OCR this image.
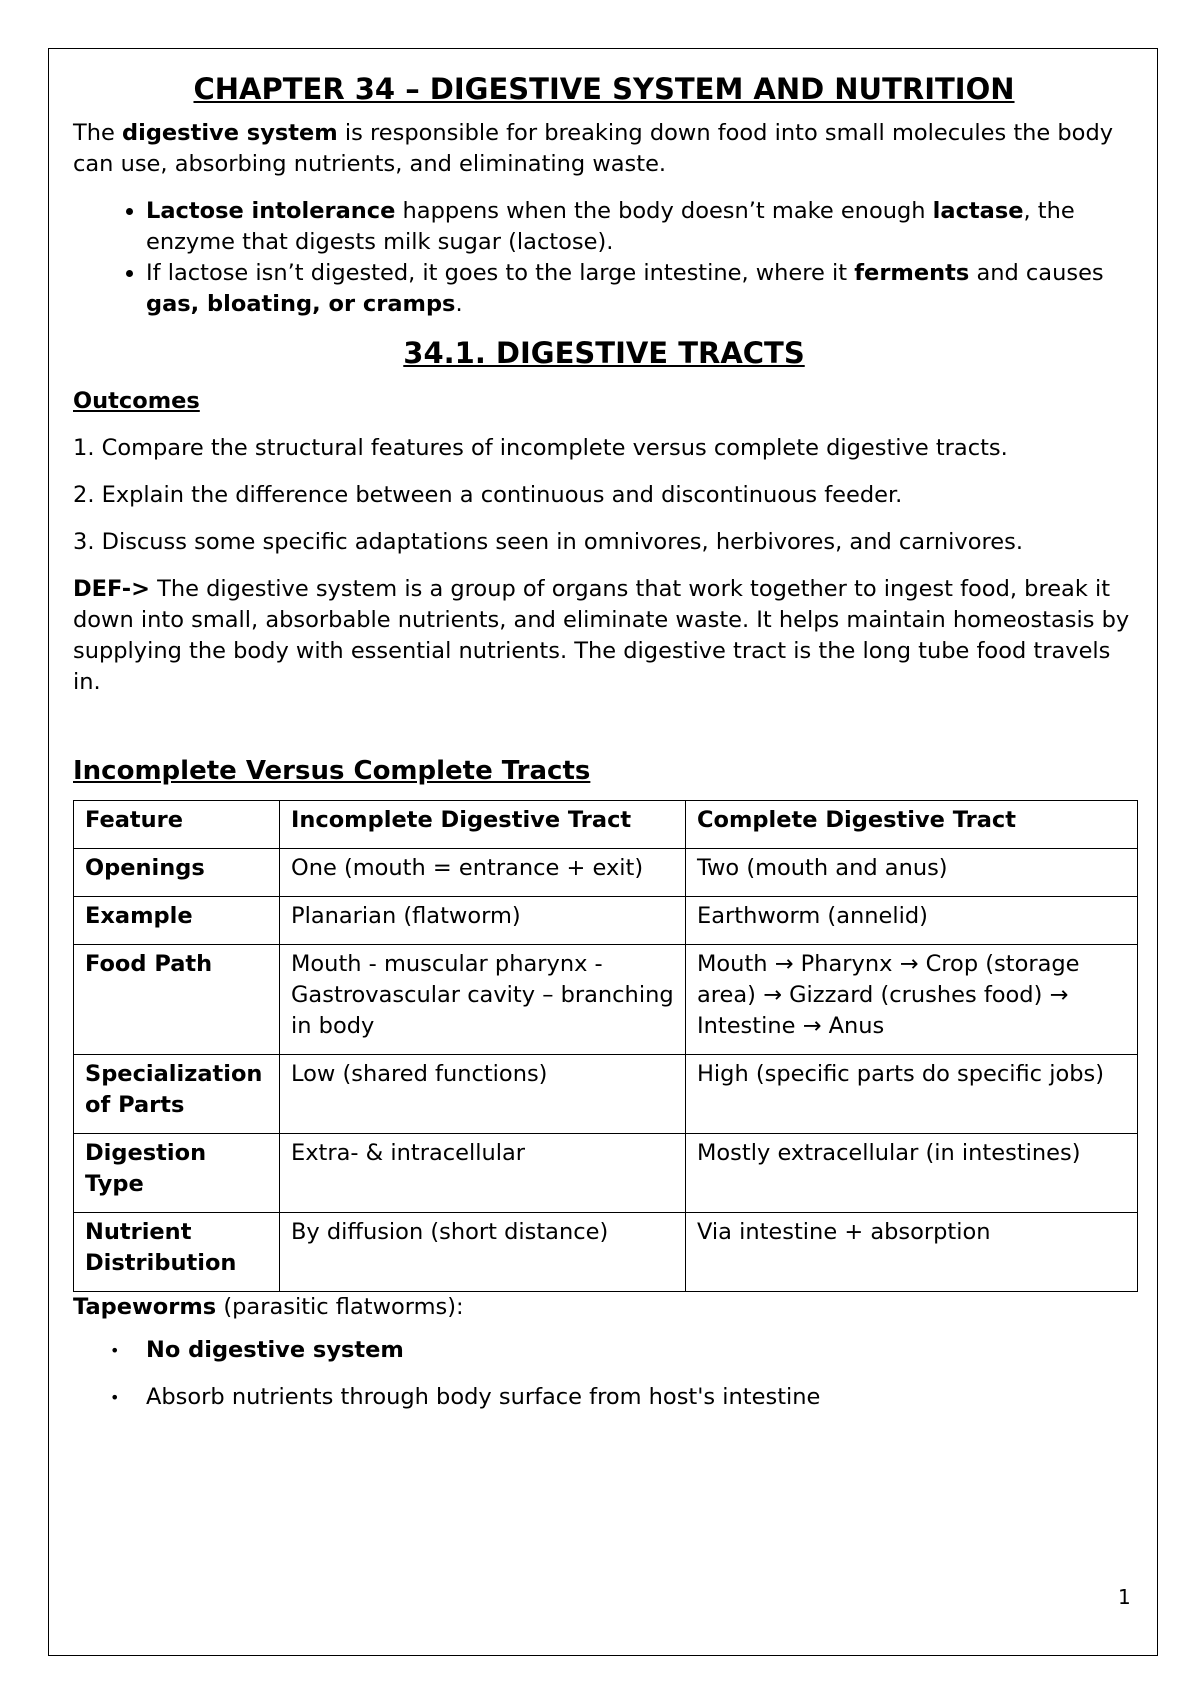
CHAPTER 34 – DIGESTIVE SYSTEM AND NUTRITION

The digestive system is responsible for breaking down food into small molecules the body can use, absorbing nutrients, and eliminating waste.

• Lactose intolerance happens when the body doesn’t make enough lactase, the enzyme that digests milk sugar (lactose).
• If lactose isn’t digested, it goes to the large intestine, where it ferments and causes gas, bloating, or cramps.
34.1. DIGESTIVE TRACTS

Outcomes

1. Compare the structural features of incomplete versus complete digestive tracts.

2. Explain the difference between a continuous and discontinuous feeder.

3. Discuss some specific adaptations seen in omnivores, herbivores, and carnivores.

DEF-> The digestive system is a group of organs that work together to ingest food, break it down into small, absorbable nutrients, and eliminate waste. It helps maintain homeostasis by supplying the body with essential nutrients. The digestive tract is the long tube food travels in.

Incomplete Versus Complete Tracts
Feature	Incomplete Digestive Tract	Complete Digestive Tract
Openings	One (mouth = entrance + exit)	Two (mouth and anus)
Example	Planarian (flatworm)	Earthworm (annelid)
Food Path	Mouth - muscular pharynx - Gastrovascular cavity – branching in body	Mouth → Pharynx → Crop (storage area) → Gizzard (crushes food) → Intestine → Anus
Specialization of Parts	Low (shared functions)	High (specific parts do specific jobs)
Digestion Type	Extra- & intracellular	Mostly extracellular (in intestines)
Nutrient Distribution	By diffusion (short distance)	Via intestine + absorption

Tapeworms (parasitic flatworms):

• No digestive system
• Absorb nutrients through body surface from host's intestine
1
